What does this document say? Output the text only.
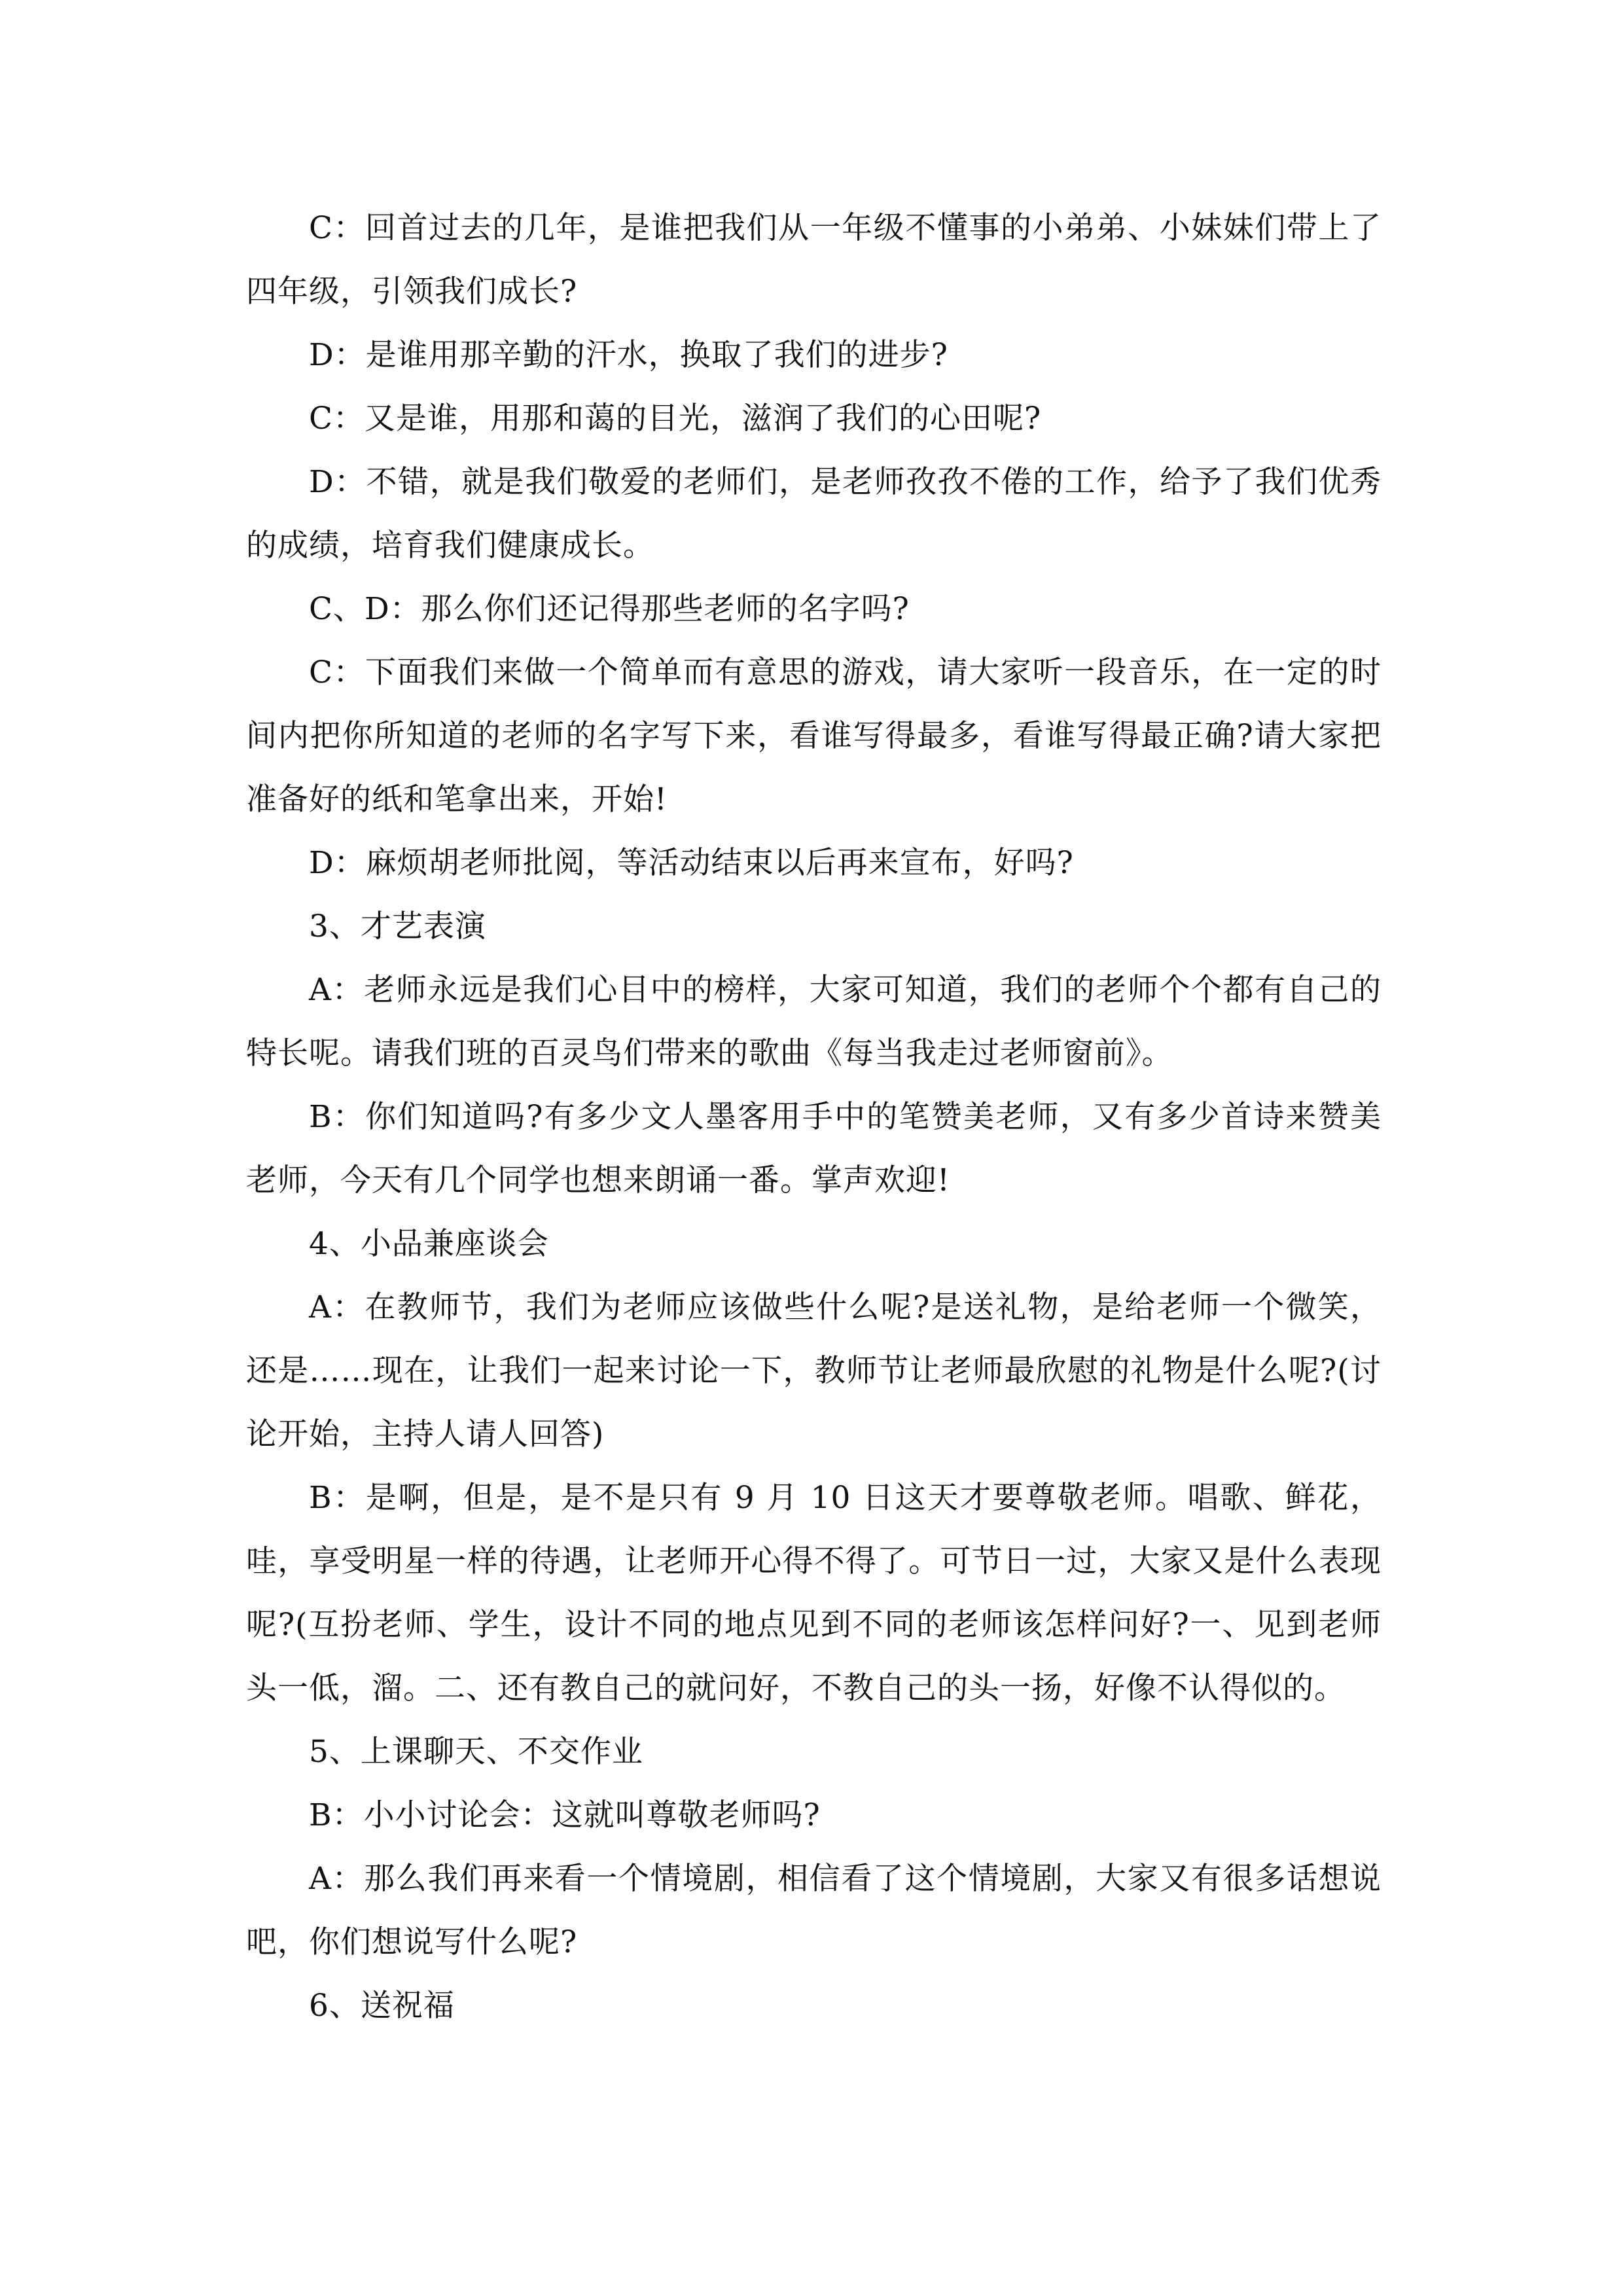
C：回首过去的几年，是谁把我们从一年级不懂事的小弟弟、小妹妹们带上了四年级，引领我们成长?

D：是谁用那辛勤的汗水，换取了我们的进步?

C：又是谁，用那和蔼的目光，滋润了我们的心田呢?

D：不错，就是我们敬爱的老师们，是老师孜孜不倦的工作，给予了我们优秀的成绩，培育我们健康成长。

C、D：那么你们还记得那些老师的名字吗?

C：下面我们来做一个简单而有意思的游戏，请大家听一段音乐，在一定的时间内把你所知道的老师的名字写下来，看谁写得最多，看谁写得最正确?请大家把准备好的纸和笔拿出来，开始!

D：麻烦胡老师批阅，等活动结束以后再来宣布，好吗?

3、才艺表演

A：老师永远是我们心目中的榜样，大家可知道，我们的老师个个都有自己的特长呢。请我们班的百灵鸟们带来的歌曲《每当我走过老师窗前》。

B：你们知道吗?有多少文人墨客用手中的笔赞美老师，又有多少首诗来赞美老师，今天有几个同学也想来朗诵一番。掌声欢迎!

4、小品兼座谈会

A：在教师节，我们为老师应该做些什么呢?是送礼物，是给老师一个微笑，还是……现在，让我们一起来讨论一下，教师节让老师最欣慰的礼物是什么呢?(讨论开始，主持人请人回答)

B：是啊，但是，是不是只有 9 月 10 日这天才要尊敬老师。唱歌、鲜花，哇，享受明星一样的待遇，让老师开心得不得了。可节日一过，大家又是什么表现呢?(互扮老师、学生，设计不同的地点见到不同的老师该怎样问好?一、见到老师头一低，溜。二、还有教自己的就问好，不教自己的头一扬，好像不认得似的。

5、上课聊天、不交作业

B：小小讨论会：这就叫尊敬老师吗?

A：那么我们再来看一个情境剧，相信看了这个情境剧，大家又有很多话想说吧，你们想说写什么呢?

6、送祝福
